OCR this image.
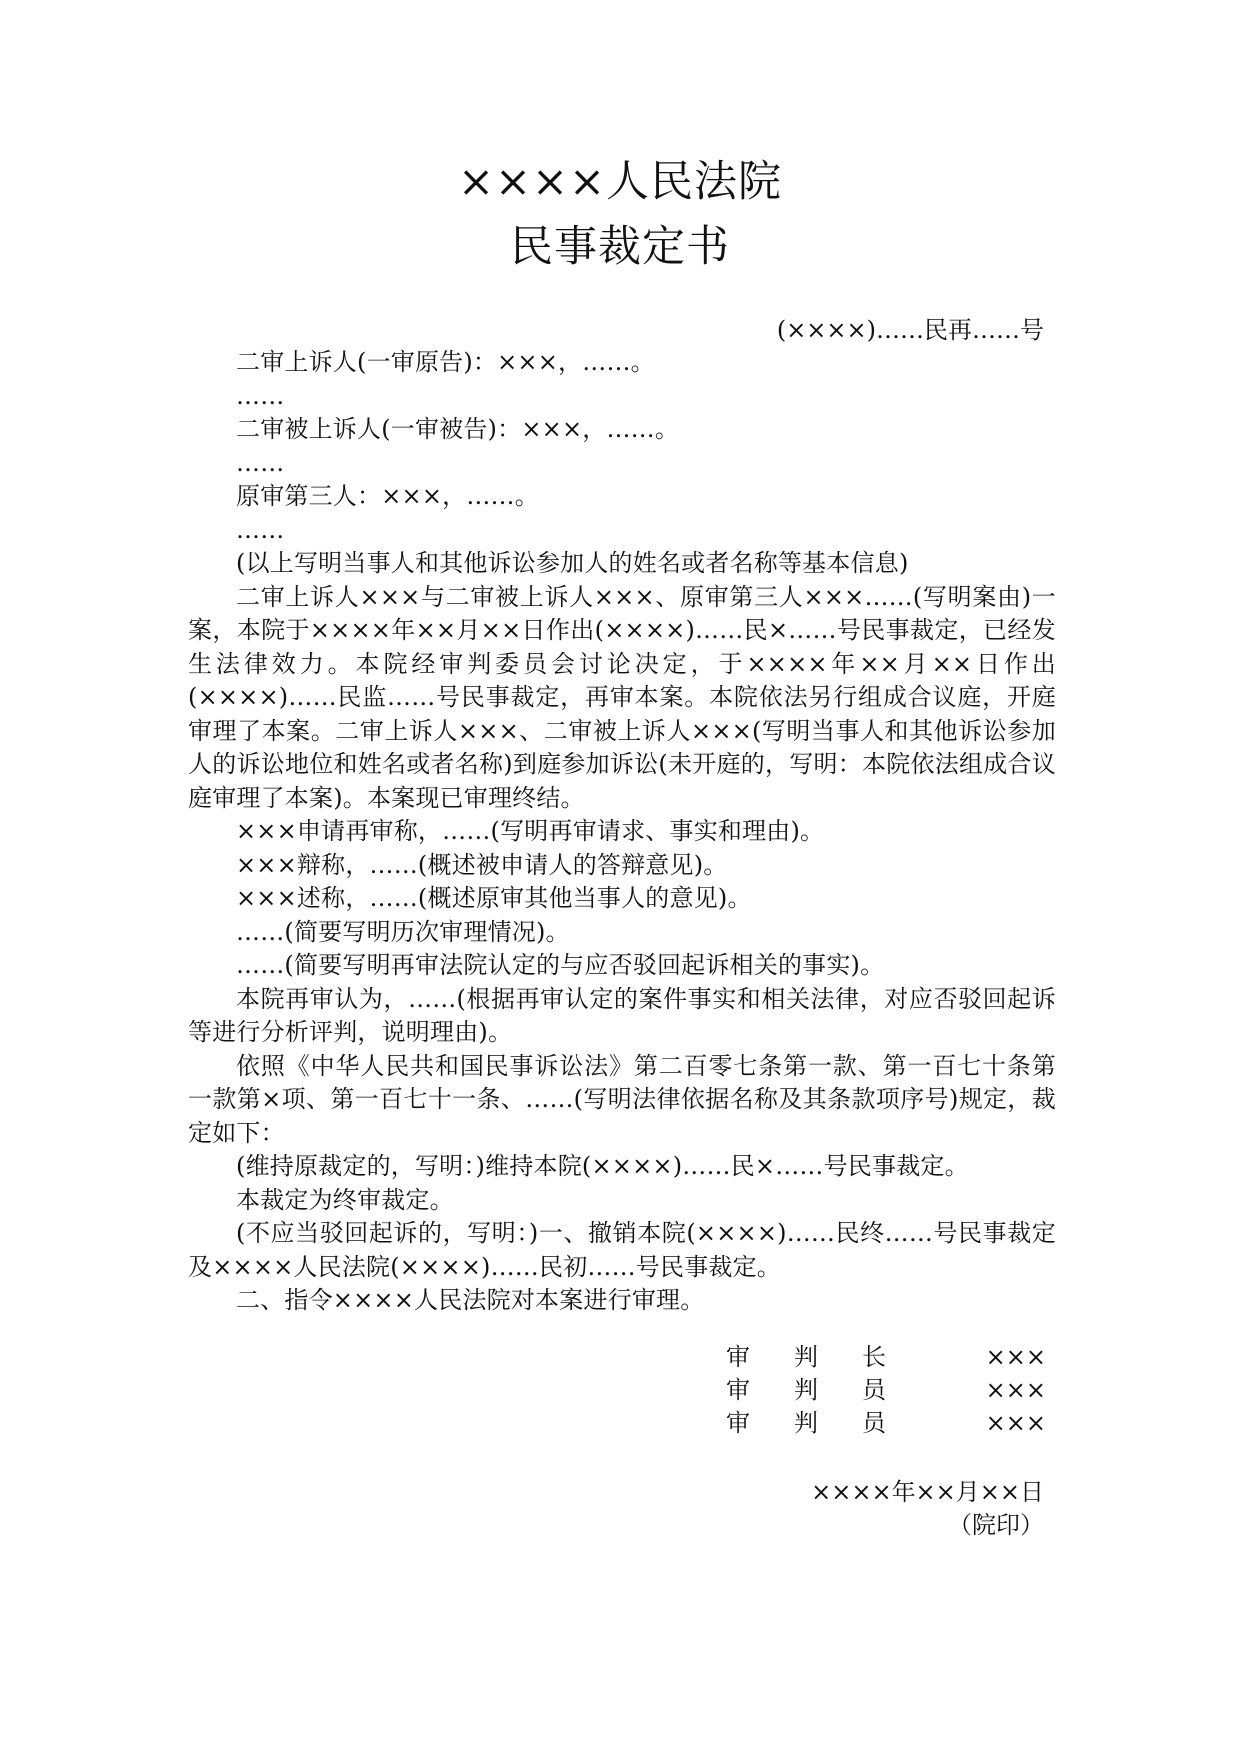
××××人民法院
民事裁定书
(××××)……民再……号

二审上诉人(一审原告)：×××，……。

……

二审被上诉人(一审被告)：×××，……。

……

原审第三人：×××，……。

……

(以上写明当事人和其他诉讼参加人的姓名或者名称等基本信息)

二审上诉人×××与二审被上诉人×××、原审第三人×××……(写明案由)一案，本院于××××年××月××日作出(××××)……民×……号民事裁定，已经发生法律效力。本院经审判委员会讨论决定，于××××年××月××日作出(××××)……民监……号民事裁定，再审本案。本院依法另行组成合议庭，开庭审理了本案。二审上诉人×××、二审被上诉人×××(写明当事人和其他诉讼参加人的诉讼地位和姓名或者名称)到庭参加诉讼(未开庭的，写明：本院依法组成合议庭审理了本案)。本案现已审理终结。

×××申请再审称，……(写明再审请求、事实和理由)。

×××辩称，……(概述被申请人的答辩意见)。

×××述称，……(概述原审其他当事人的意见)。

……(简要写明历次审理情况)。

……(简要写明再审法院认定的与应否驳回起诉相关的事实)。

本院再审认为，……(根据再审认定的案件事实和相关法律，对应否驳回起诉等进行分析评判，说明理由)。

依照《中华人民共和国民事诉讼法》第二百零七条第一款、第一百七十条第一款第×项、第一百七十一条、……(写明法律依据名称及其条款项序号)规定，裁定如下：

(维持原裁定的，写明：)维持本院(××××)……民×……号民事裁定。

本裁定为终审裁定。

(不应当驳回起诉的，写明：)一、撤销本院(××××)……民终……号民事裁定及××××人民法院(××××)……民初……号民事裁定。

二、指令××××人民法院对本案进行审理。

审 判 长	×××
审 判 员	×××
审 判 员	×××
××××年××月××日
（院印）
